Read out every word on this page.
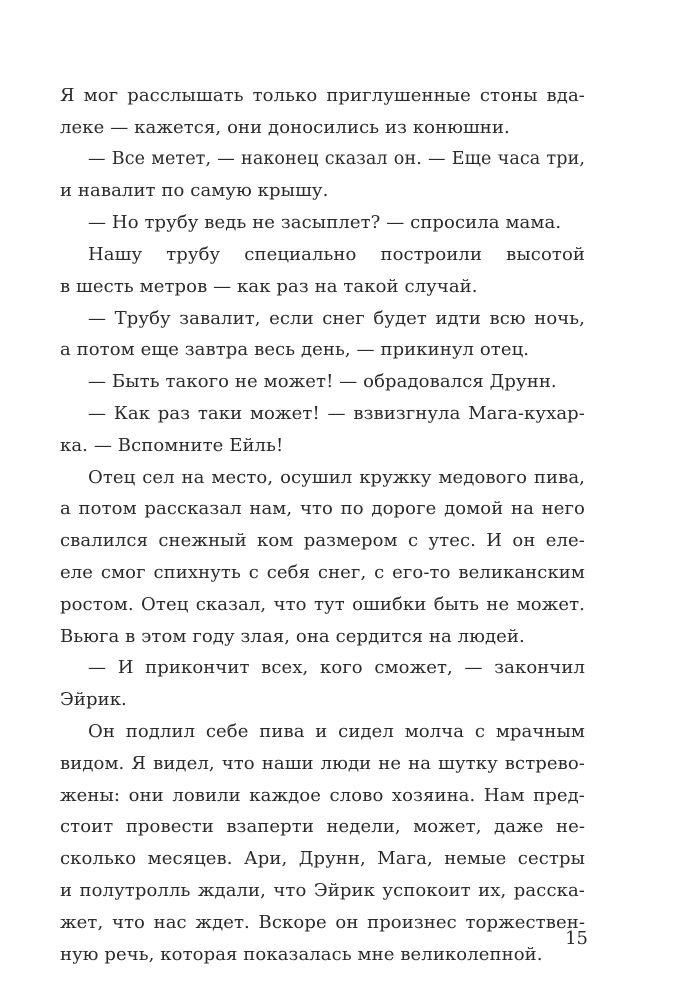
Я мог расслышать только приглушенные стоны вда-
леке — кажется, они доносились из конюшни.
— Все метет, — наконец сказал он. — Еще часа три,
и навалит по самую крышу.
— Но трубу ведь не засыплет? — спросила мама.
Нашу трубу специально построили высотой
в шесть метров — как раз на такой случай.
— Трубу завалит, если снег будет идти всю ночь,
а потом еще завтра весь день, — прикинул отец.
— Быть такого не может! — обрадовался Друнн.
— Как раз таки может! — взвизгнула Мага-кухар-
ка. — Вспомните Ейль!
Отец сел на место, осушил кружку медового пива,
а потом рассказал нам, что по дороге домой на него
свалился снежный ком размером с утес. И он еле-
еле смог спихнуть с себя снег, с его-то великанским
ростом. Отец сказал, что тут ошибки быть не может.
Вьюга в этом году злая, она сердится на людей.
— И прикончит всех, кого сможет, — закончил
Эйрик.
Он подлил себе пива и сидел молча с мрачным
видом. Я видел, что наши люди не на шутку встрево-
жены: они ловили каждое слово хозяина. Нам пред-
стоит провести взаперти недели, может, даже не-
сколько месяцев. Ари, Друнн, Мага, немые сестры
и полутролль ждали, что Эйрик успокоит их, расска-
жет, что нас ждет. Вскоре он произнес торжествен-
ную речь, которая показалась мне великолепной.
15
